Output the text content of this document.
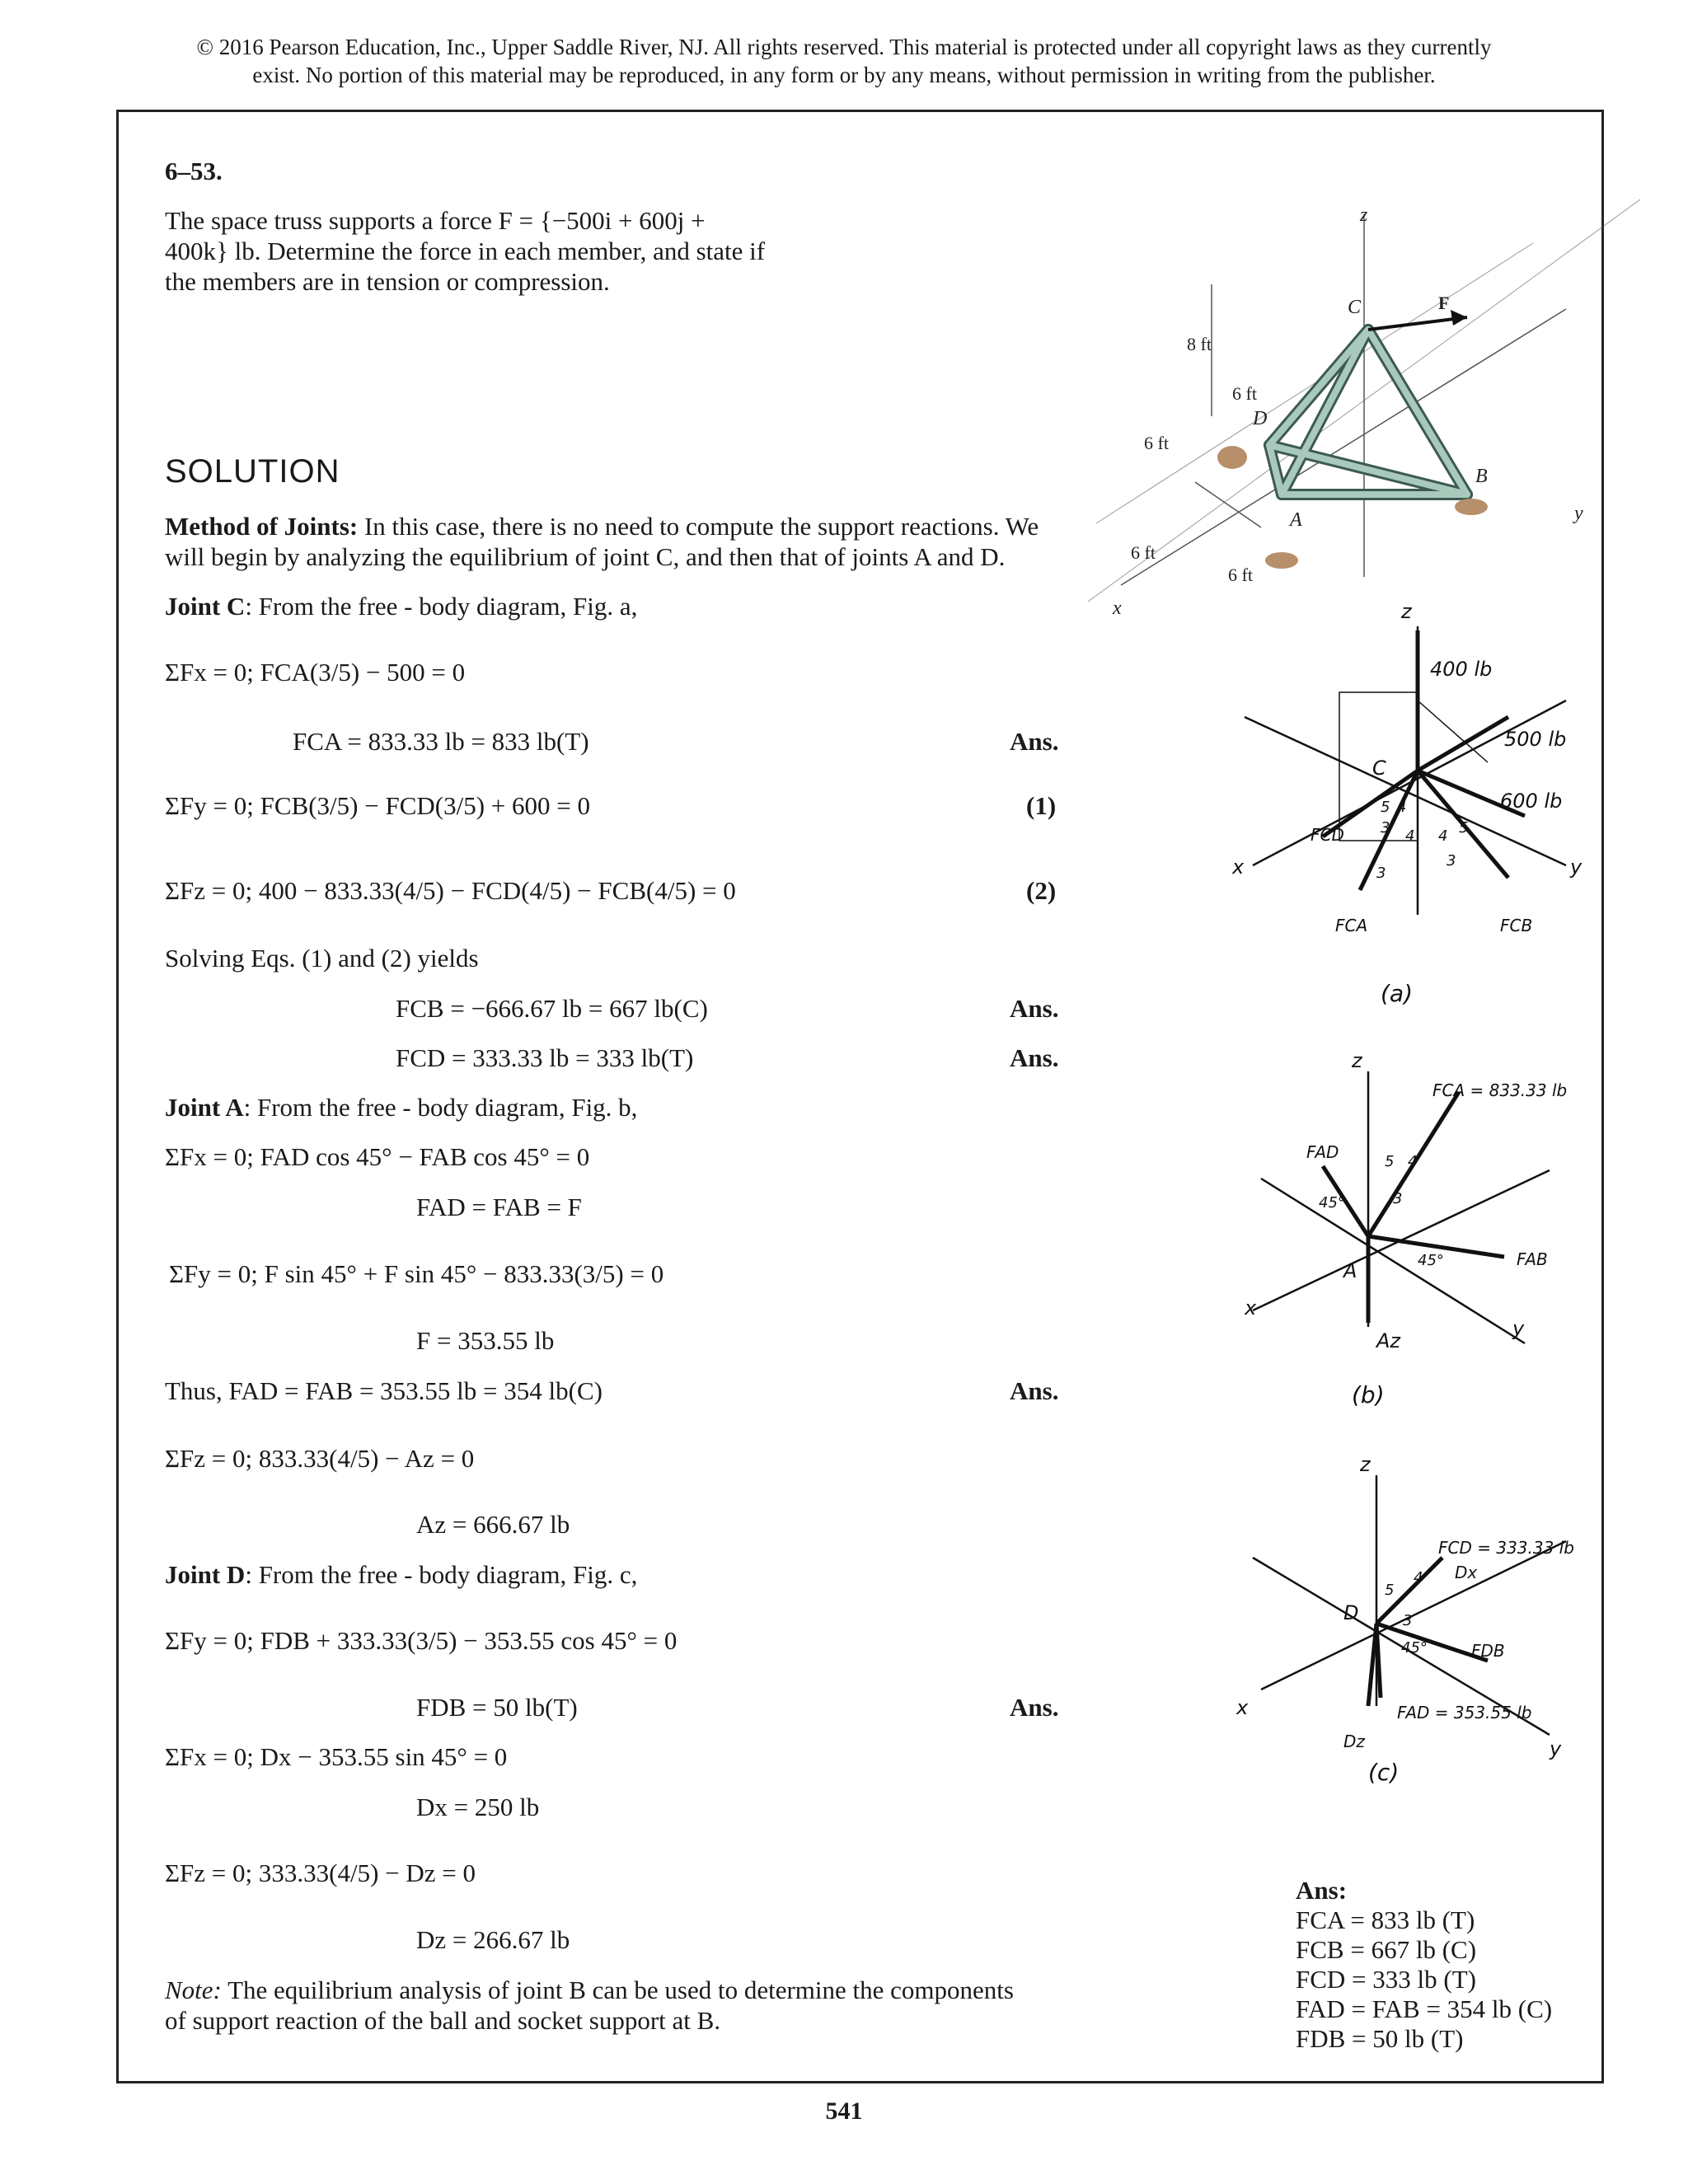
© 2016 Pearson Education, Inc., Upper Saddle River, NJ. All rights reserved. This material is protected under all copyright laws as they currently
exist. No portion of this material may be reproduced, in any form or by any means, without permission in writing from the publisher.
6–53.
The space truss supports a force F = {−500i + 600j +
400k} lb. Determine the force in each member, and state if
the members are in tension or compression.
SOLUTION
Method of Joints: In this case, there is no need to compute the support reactions. We
will begin by analyzing the equilibrium of joint C, and then that of joints A and D.
Joint C: From the free - body diagram, Fig. a,
ΣFx = 0; FCA(3/5) − 500 = 0
FCA = 833.33 lb = 833 lb(T)	Ans.
ΣFy = 0; FCB(3/5) − FCD(3/5) + 600 = 0	(1)
ΣFz = 0; 400 − 833.33(4/5) − FCD(4/5) − FCB(4/5) = 0	(2)
Solving Eqs. (1) and (2) yields
FCB = −666.67 lb = 667 lb(C)	Ans.
FCD = 333.33 lb = 333 lb(T)	Ans.
Joint A: From the free - body diagram, Fig. b,
ΣFx = 0; FAD cos 45° − FAB cos 45° = 0
FAD = FAB = F
ΣFy = 0; F sin 45° + F sin 45° − 833.33(3/5) = 0
F = 353.55 lb
Thus, FAD = FAB = 353.55 lb = 354 lb(C)	Ans.
ΣFz = 0; 833.33(4/5) − Az = 0
Az = 666.67 lb
Joint D: From the free - body diagram, Fig. c,
ΣFy = 0; FDB + 333.33(3/5) − 353.55 cos 45° = 0
FDB = 50 lb(T)	Ans.
ΣFx = 0; Dx − 353.55 sin 45° = 0
Dx = 250 lb
ΣFz = 0; 333.33(4/5) − Dz = 0
Dz = 266.67 lb
Note: The equilibrium analysis of joint B can be used to determine the components
of support reaction of the ball and socket support at B.
Ans:
FCA = 833 lb (T)
FCB = 667 lb (C)
FCD = 333 lb (T)
FAD = FAB = 354 lb (C)
FDB = 50 lb (T)
541
z
y
x
C
D
A
B
F
8 ft
6 ft
6 ft
6 ft
6 ft
z
400 lb
500 lb
600 lb
C
x	y
FCD
FCA	FCB
5 4
3
3
5
4
4
3
(a)
z
FCA = 833.33 lb
FAD
FAB
5 4
3
45°
45°
A
x
y
Az
(b)
z
FCD = 333.33 lb
Dx
D
5
4
3
45°	FDB
FAD = 353.55 lb
Dz
x
y
(c)
